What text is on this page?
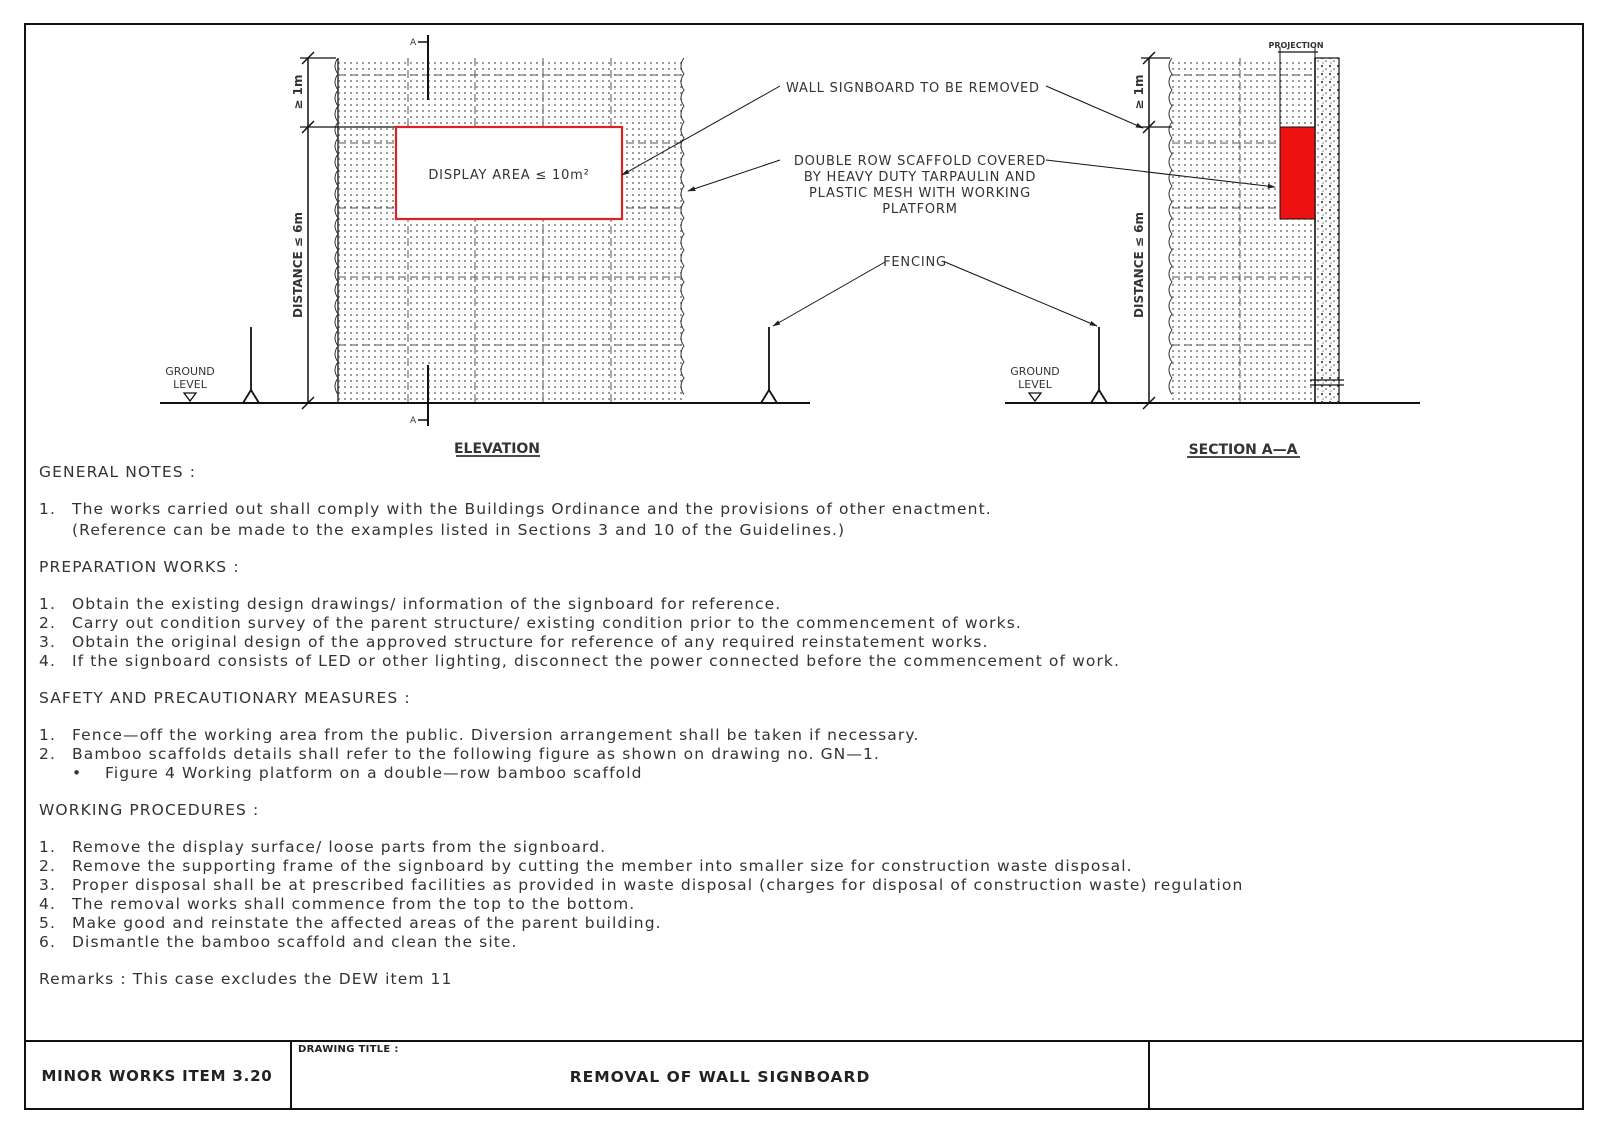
A
A
DISPLAY AREA ≤ 10m²
≥ 1m
DISTANCE ≤ 6m
GROUND
LEVEL
ELEVATION
WALL SIGNBOARD TO BE REMOVED
DOUBLE ROW SCAFFOLD COVERED
BY HEAVY DUTY TARPAULIN AND
PLASTIC MESH WITH WORKING
PLATFORM
FENCING
PROJECTION
≥ 1m
DISTANCE ≤ 6m
GROUND
LEVEL
SECTION A—A
GENERAL NOTES :
1.	The works carried out shall comply with the Buildings Ordinance and the provisions of other enactment.
(Reference can be made to the examples listed in Sections 3 and 10 of the Guidelines.)
PREPARATION WORKS :
1.	Obtain the existing design drawings/ information of the signboard for reference.
2.	Carry out condition survey of the parent structure/ existing condition prior to the commencement of works.
3.	Obtain the original design of the approved structure for reference of any required reinstatement works.
4.	If the signboard consists of LED or other lighting, disconnect the power connected before the commencement of work.
SAFETY AND PRECAUTIONARY MEASURES :
1.	Fence—off the working area from the public. Diversion arrangement shall be taken if necessary.
2.	Bamboo scaffolds details shall refer to the following figure as shown on drawing no. GN—1.
•	Figure 4 Working platform on a double—row bamboo scaffold
WORKING PROCEDURES :
1.	Remove the display surface/ loose parts from the signboard.
2.	Remove the supporting frame of the signboard by cutting the member into smaller size for construction waste disposal.
3.	Proper disposal shall be at prescribed facilities as provided in waste disposal (charges for disposal of construction waste) regulation
4.	The removal works shall commence from the top to the bottom.
5.	Make good and reinstate the affected areas of the parent building.
6.	Dismantle the bamboo scaffold and clean the site.
Remarks : This case excludes the DEW item 11
MINOR WORKS ITEM 3.20
DRAWING TITLE :
REMOVAL OF WALL SIGNBOARD
